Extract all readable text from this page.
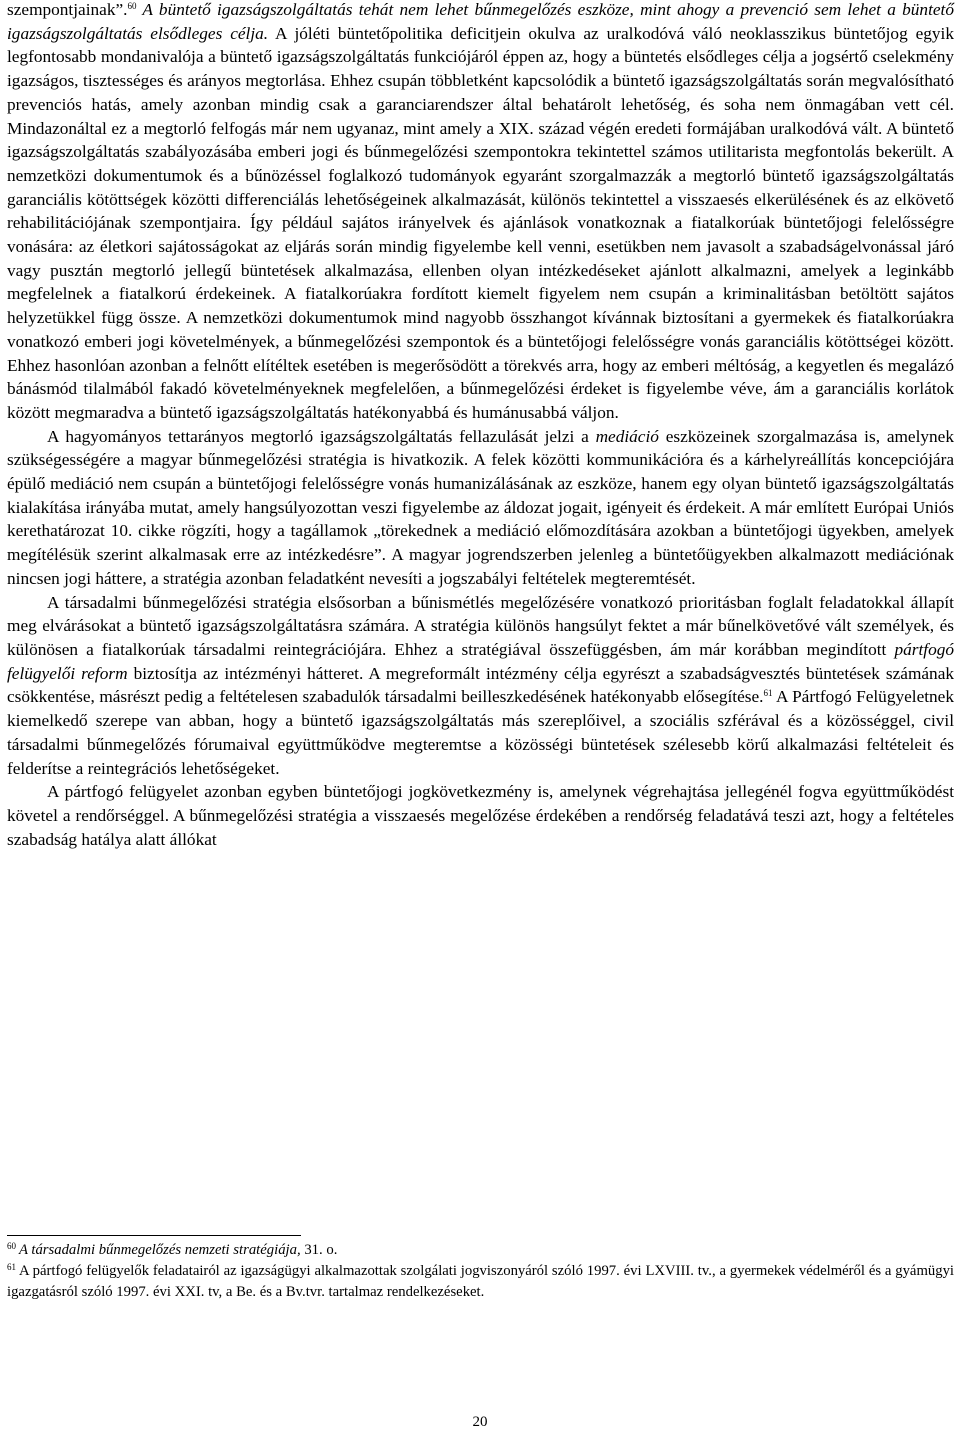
szempontjainak”.$^{60}$ A büntető igazságszolgáltatás tehát nem lehet bűnmegelőzés eszköze, mint ahogy a prevenció sem lehet a büntető igazságszolgáltatás elsődleges célja. A jóléti büntetőpolitika deficitjein okulva az uralkodóvá váló neoklasszikus büntetőjog egyik legfontosabb mondanivalója a büntető igazságszolgáltatás funkciójáról éppen az, hogy a büntetés elsődleges célja a jogsértő cselekmény igazságos, tisztességes és arányos megtorlása. Ehhez csupán többletként kapcsolódik a büntető igazságszolgáltatás során megvalósítható prevenciós hatás, amely azonban mindig csak a garanciarendszer által behatárolt lehetőség, és soha nem önmagában vett cél. Mindazonáltal ez a megtorló felfogás már nem ugyanaz, mint amely a XIX. század végén eredeti formájában uralkodóvá vált. A büntető igazságszolgáltatás szabályozásába emberi jogi és bűnmegelőzési szempontokra tekintettel számos utilitarista megfontolás bekerült. A nemzetközi dokumentumok és a bűnözéssel foglalkozó tudományok egyaránt szorgalmazzák a megtorló büntető igazságszolgáltatás garanciális kötöttségek közötti differenciálás lehetőségeinek alkalmazását, különös tekintettel a visszaesés elkerülésének és az elkövető rehabilitációjának szempontjaira. Így például sajátos irányelvek és ajánlások vonatkoznak a fiatalkorúak büntetőjogi felelősségre vonására: az életkori sajátosságokat az eljárás során mindig figyelembe kell venni, esetükben nem javasolt a szabadságelvonással járó vagy pusztán megtorló jellegű büntetések alkalmazása, ellenben olyan intézkedéseket ajánlott alkalmazni, amelyek a leginkább megfelelnek a fiatalkorú érdekeinek. A fiatalkorúakra fordított kiemelt figyelem nem csupán a kriminalitásban betöltött sajátos helyzetükkel függ össze. A nemzetközi dokumentumok mind nagyobb összhangot kívánnak biztosítani a gyermekek és fiatalkorúakra vonatkozó emberi jogi követelmények, a bűnmegelőzési szempontok és a büntetőjogi felelősségre vonás garanciális kötöttségei között. Ehhez hasonlóan azonban a felnőtt elítéltek esetében is megerősödött a törekvés arra, hogy az emberi méltóság, a kegyetlen és megalázó bánásmód tilalmából fakadó követelményeknek megfelelően, a bűnmegelőzési érdeket is figyelembe véve, ám a garanciális korlátok között megmaradva a büntető igazságszolgáltatás hatékonyabbá és humánusabbá váljon.

A hagyományos tettarányos megtorló igazságszolgáltatás fellazulását jelzi a mediáció eszközeinek szorgalmazása is, amelynek szükségességére a magyar bűnmegelőzési stratégia is hivatkozik. A felek közötti kommunikációra és a kárhelyreállítás koncepciójára épülő mediáció nem csupán a büntetőjogi felelősségre vonás humanizálásának az eszköze, hanem egy olyan büntető igazságszolgáltatás kialakítása irányába mutat, amely hangsúlyozottan veszi figyelembe az áldozat jogait, igényeit és érdekeit. A már említett Európai Uniós kerethatározat 10. cikke rögzíti, hogy a tagállamok „törekednek a mediáció előmozdítására azokban a büntetőjogi ügyekben, amelyek megítélésük szerint alkalmasak erre az intézkedésre”. A magyar jogrendszerben jelenleg a büntetőügyekben alkalmazott mediációnak nincsen jogi háttere, a stratégia azonban feladatként nevesíti a jogszabályi feltételek megteremtését.

A társadalmi bűnmegelőzési stratégia elsősorban a bűnismétlés megelőzésére vonatkozó prioritásban foglalt feladatokkal állapít meg elvárásokat a büntető igazságszolgáltatásra számára. A stratégia különös hangsúlyt fektet a már bűnelkövetővé vált személyek, és különösen a fiatalkorúak társadalmi reintegrációjára. Ehhez a stratégiával összefüggésben, ám már korábban megindított pártfogó felügyelői reform biztosítja az intézményi hátteret. A megreformált intézmény célja egyrészt a szabadságvesztés büntetések számának csökkentése, másrészt pedig a feltételesen szabadulók társadalmi beilleszkedésének hatékonyabb elősegítése.$^{61}$ A Pártfogó Felügyeletnek kiemelkedő szerepe van abban, hogy a büntető igazságszolgáltatás más szereplőivel, a szociális szférával és a közösséggel, civil társadalmi bűnmegelőzés fórumaival együttműködve megteremtse a közösségi büntetések szélesebb körű alkalmazási feltételeit és felderítse a reintegrációs lehetőségeket.

A pártfogó felügyelet azonban egyben büntetőjogi jogkövetkezmény is, amelynek végrehajtása jellegénél fogva együttműködést követel a rendőrséggel. A bűnmegelőzési stratégia a visszaesés megelőzése érdekében a rendőrség feladatává teszi azt, hogy a feltételes szabadság hatálya alatt állókat

$^{60}$ A társadalmi bűnmegelőzés nemzeti stratégiája, 31. o.

$^{61}$ A pártfogó felügyelők feladatairól az igazságügyi alkalmazottak szolgálati jogviszonyáról szóló 1997. évi LXVIII. tv., a gyermekek védelméről és a gyámügyi igazgatásról szóló 1997. évi XXI. tv, a Be. és a Bv.tvr. tartalmaz rendelkezéseket.

20
